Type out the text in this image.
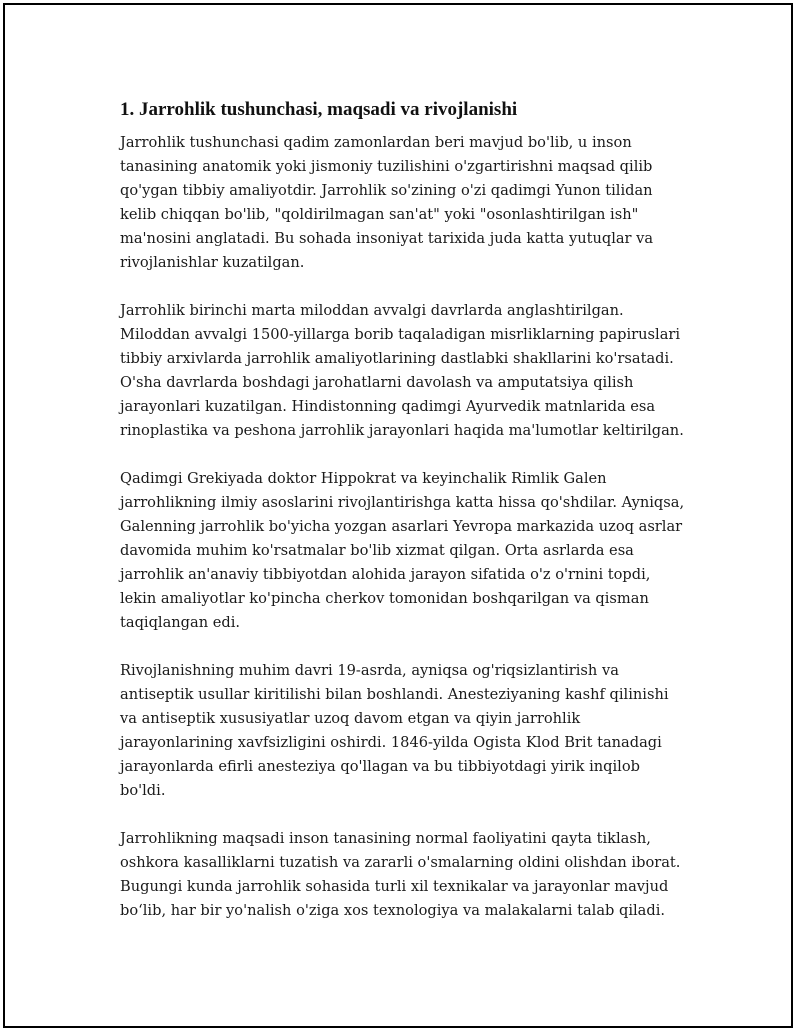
1. Jarrohlik tushunchasi, maqsadi va rivojlanishi

Jarrohlik tushunchasi qadim zamonlardan beri mavjud bo'lib, u inson
tanasining anatomik yoki jismoniy tuzilishini o'zgartirishni maqsad qilib
qo'ygan tibbiy amaliyotdir. Jarrohlik so'zining o'zi qadimgi Yunon tilidan
kelib chiqqan bo'lib, "qoldirilmagan san'at" yoki "osonlashtirilgan ish"
ma'nosini anglatadi. Bu sohada insoniyat tarixida juda katta yutuqlar va
rivojlanishlar kuzatilgan.

Jarrohlik birinchi marta miloddan avvalgi davrlarda anglashtirilgan.
Miloddan avvalgi 1500-yillarga borib taqaladigan misrliklarning papiruslari
tibbiy arxivlarda jarrohlik amaliyotlarining dastlabki shakllarini ko'rsatadi.
O'sha davrlarda boshdagi jarohatlarni davolash va amputatsiya qilish
jarayonlari kuzatilgan. Hindistonning qadimgi Ayurvedik matnlarida esa
rinoplastika va peshona jarrohlik jarayonlari haqida ma'lumotlar keltirilgan.

Qadimgi Grekiyada doktor Hippokrat va keyinchalik Rimlik Galen
jarrohlikning ilmiy asoslarini rivojlantirishga katta hissa qo'shdilar. Ayniqsa,
Galenning jarrohlik bo'yicha yozgan asarlari Yevropa markazida uzoq asrlar
davomida muhim ko'rsatmalar bo'lib xizmat qilgan. Orta asrlarda esa
jarrohlik an'anaviy tibbiyotdan alohida jarayon sifatida o'z o'rnini topdi,
lekin amaliyotlar ko'pincha cherkov tomonidan boshqarilgan va qisman
taqiqlangan edi.

Rivojlanishning muhim davri 19-asrda, ayniqsa og'riqsizlantirish va
antiseptik usullar kiritilishi bilan boshlandi. Anesteziyaning kashf qilinishi
va antiseptik xususiyatlar uzoq davom etgan va qiyin jarrohlik
jarayonlarining xavfsizligini oshirdi. 1846-yilda Ogista Klod Brit tanadagi
jarayonlarda efirli anesteziya qo'llagan va bu tibbiyotdagi yirik inqilob
bo'ldi.

Jarrohlikning maqsadi inson tanasining normal faoliyatini qayta tiklash,
oshkora kasalliklarni tuzatish va zararli o'smalarning oldini olishdan iborat.
Bugungi kunda jarrohlik sohasida turli xil texnikalar va jarayonlar mavjud
bo‘lib, har bir yo'nalish o'ziga xos texnologiya va malakalarni talab qiladi.
